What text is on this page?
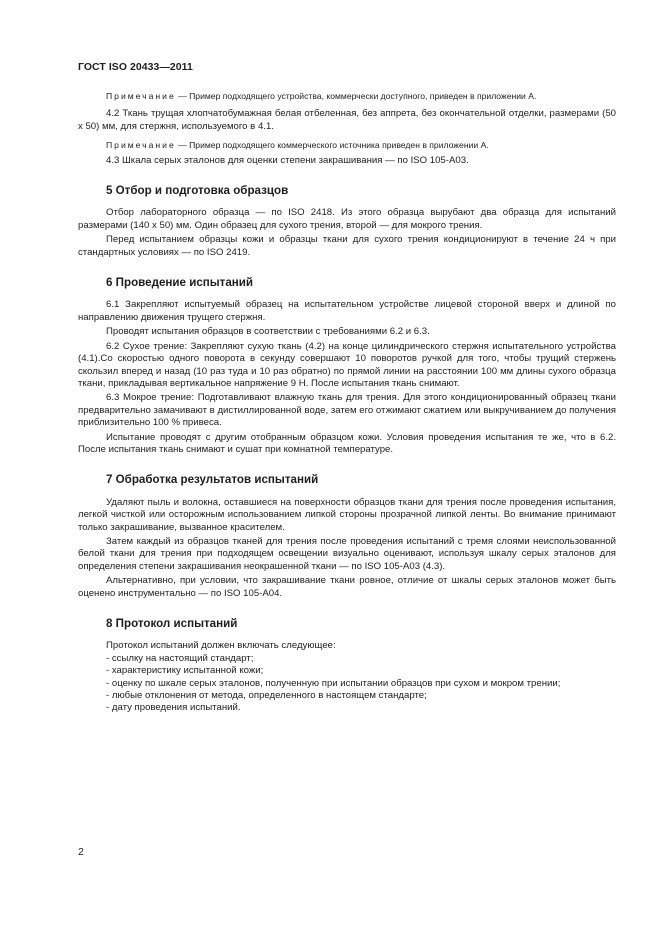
ГОСТ ISO 20433—2011

Примечание — Пример подходящего устройства, коммерчески доступного, приведен в приложении А.

4.2 Ткань трущая хлопчатобумажная белая отбеленная, без аппрета, без окончательной отделки, размерами (50 х 50) мм, для стержня, используемого в 4.1.

Примечание — Пример подходящего коммерческого источника приведен в приложении А.

4.3 Шкала серых эталонов для оценки степени закрашивания — по ISO 105-А03.

5 Отбор и подготовка образцов

Отбор лабораторного образца — по ISO 2418. Из этого образца вырубают два образца для испытаний размерами (140 х 50) мм. Один образец для сухого трения, второй — для мокрого трения.

Перед испытанием образцы кожи и образцы ткани для сухого трения кондиционируют в течение 24 ч при стандартных условиях — по ISO 2419.

6 Проведение испытаний

6.1 Закрепляют испытуемый образец на испытательном устройстве лицевой стороной вверх и длиной по направлению движения трущего стержня.

Проводят испытания образцов в соответствии с требованиями 6.2 и 6.3.

6.2 Сухое трение: Закрепляют сухую ткань (4.2) на конце цилиндрического стержня испытательного устройства (4.1).Со скоростью одного поворота в секунду совершают 10 поворотов ручкой для того, чтобы трущий стержень скользил вперед и назад (10 раз туда и 10 раз обратно) по прямой линии на расстоянии 100 мм длины сухого образца ткани, прикладывая вертикальное напряжение 9 Н. После испытания ткань снимают.

6.3 Мокрое трение: Подготавливают влажную ткань для трения. Для этого кондиционированный образец ткани предварительно замачивают в дистиллированной воде, затем его отжимают сжатием или выкручиванием до получения приблизительно 100 % привеса.

Испытание проводят с другим отобранным образцом кожи. Условия проведения испытания те же, что в 6.2. После испытания ткань снимают и сушат при комнатной температуре.

7 Обработка результатов испытаний

Удаляют пыль и волокна, оставшиеся на поверхности образцов ткани для трения после проведения испытания, легкой чисткой или осторожным использованием липкой стороны прозрачной липкой ленты. Во внимание принимают только закрашивание, вызванное красителем.

Затем каждый из образцов тканей для трения после проведения испытаний с тремя слоями неиспользованной белой ткани для трения при подходящем освещении визуально оценивают, используя шкалу серых эталонов для определения степени закрашивания неокрашенной ткани — по ISO 105-А03 (4.3).

Альтернативно, при условии, что закрашивание ткани ровное, отличие от шкалы серых эталонов может быть оценено инструментально — по ISO 105-А04.

8 Протокол испытаний

Протокол испытаний должен включать следующее:

- ссылку на настоящий стандарт;

- характеристику испытанной кожи;

- оценку по шкале серых эталонов, полученную при испытании образцов при сухом и мокром трении;

- любые отклонения от метода, определенного в настоящем стандарте;

- дату проведения испытаний.

2
